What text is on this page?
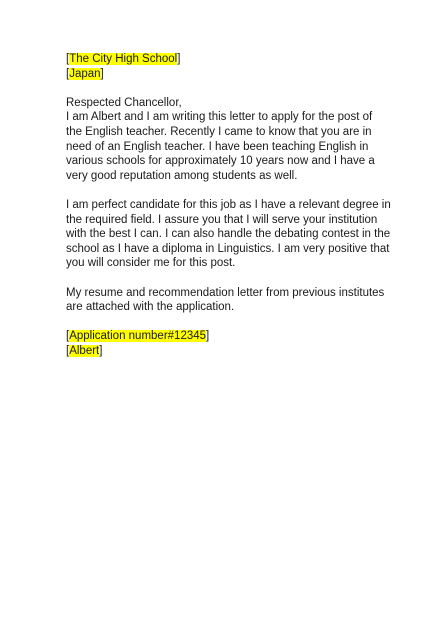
[The City High School]
[Japan]
Respected Chancellor,
I am Albert and I am writing this letter to apply for the post of
the English teacher. Recently I came to know that you are in
need of an English teacher. I have been teaching English in
various schools for approximately 10 years now and I have a
very good reputation among students as well.
I am perfect candidate for this job as I have a relevant degree in
the required field. I assure you that I will serve your institution
with the best I can. I can also handle the debating contest in the
school as I have a diploma in Linguistics. I am very positive that
you will consider me for this post.
My resume and recommendation letter from previous institutes
are attached with the application.
[Application number#12345]
[Albert]
